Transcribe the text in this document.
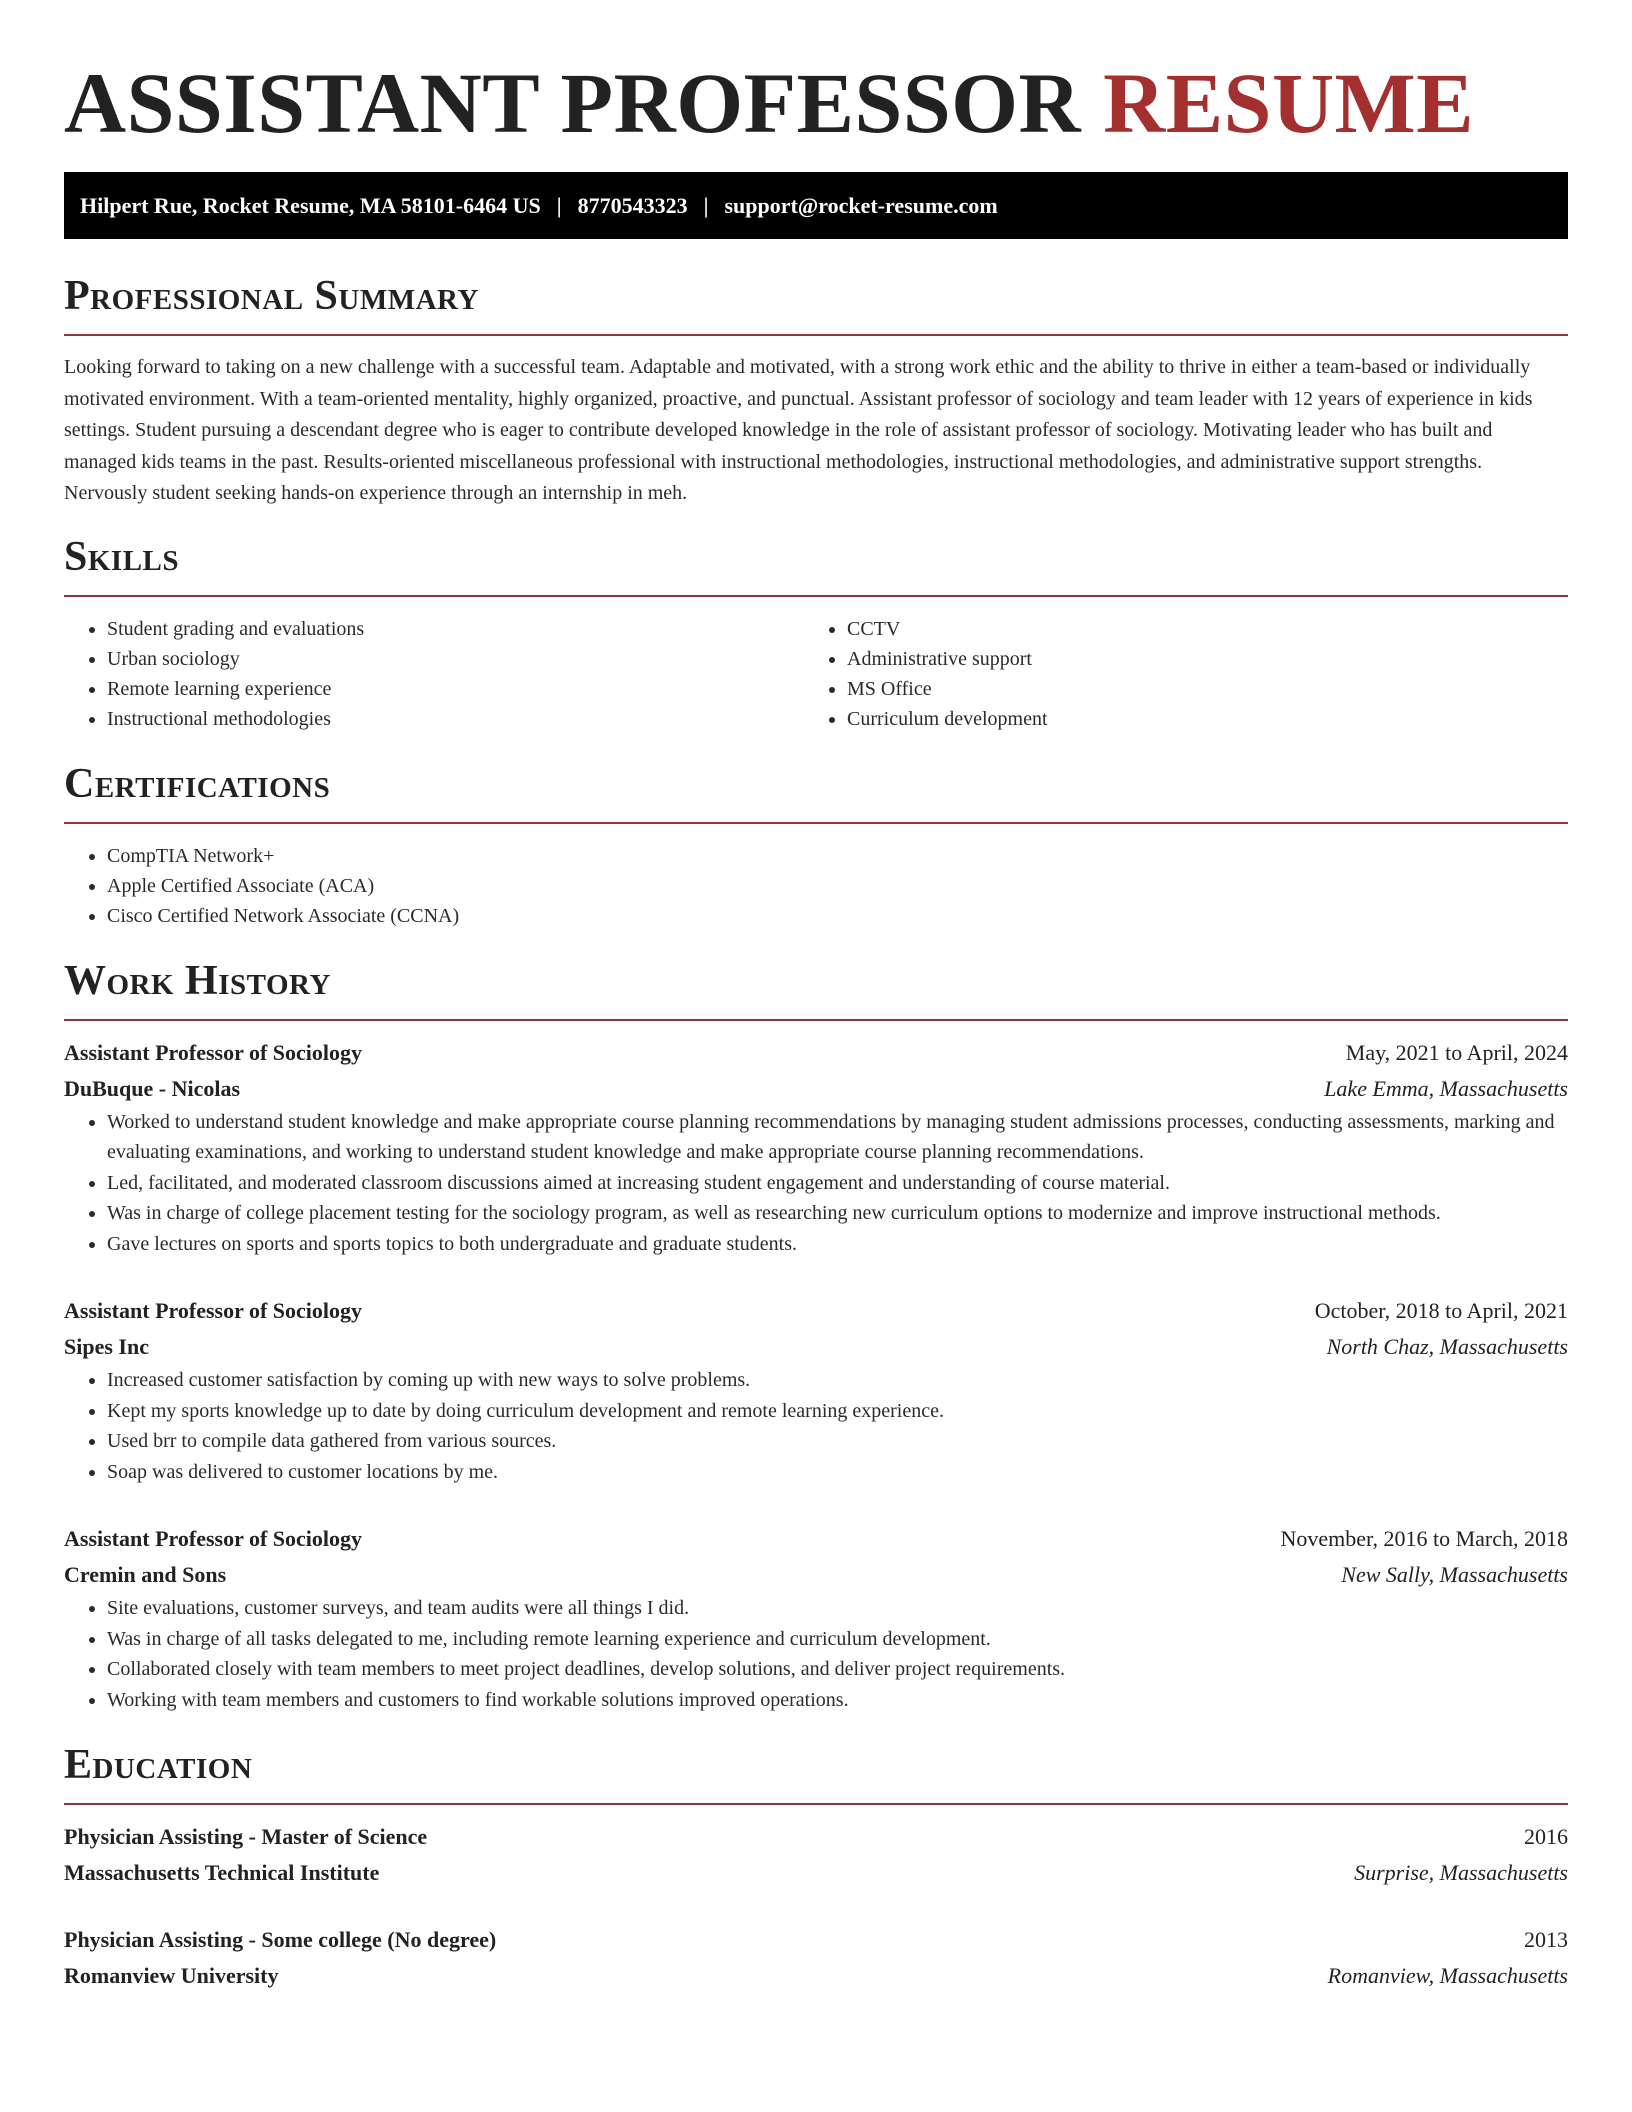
ASSISTANT PROFESSOR RESUME
Hilpert Rue, Rocket Resume, MA 58101-6464 US | 8770543323 | support@rocket-resume.com
Professional Summary

Looking forward to taking on a new challenge with a successful team. Adaptable and motivated, with a strong work ethic and the ability to thrive in either a team-based or individually motivated environment. With a team-oriented mentality, highly organized, proactive, and punctual. Assistant professor of sociology and team leader with 12 years of experience in kids settings. Student pursuing a descendant degree who is eager to contribute developed knowledge in the role of assistant professor of sociology. Motivating leader who has built and managed kids teams in the past. Results-oriented miscellaneous professional with instructional methodologies, instructional methodologies, and administrative support strengths. Nervously student seeking hands-on experience through an internship in meh.

Skills
• Student grading and evaluations
• Urban sociology
• Remote learning experience
• Instructional methodologies
• CCTV
• Administrative support
• MS Office
• Curriculum development
Certifications
• CompTIA Network+
• Apple Certified Associate (ACA)
• Cisco Certified Network Associate (CCNA)
Work History
Assistant Professor of Sociology	May, 2021 to April, 2024
DuBuque - Nicolas	Lake Emma, Massachusetts
• Worked to understand student knowledge and make appropriate course planning recommendations by managing student admissions processes, conducting assessments, marking and evaluating examinations, and working to understand student knowledge and make appropriate course planning recommendations.
• Led, facilitated, and moderated classroom discussions aimed at increasing student engagement and understanding of course material.
• Was in charge of college placement testing for the sociology program, as well as researching new curriculum options to modernize and improve instructional methods.
• Gave lectures on sports and sports topics to both undergraduate and graduate students.
Assistant Professor of Sociology	October, 2018 to April, 2021
Sipes Inc	North Chaz, Massachusetts
• Increased customer satisfaction by coming up with new ways to solve problems.
• Kept my sports knowledge up to date by doing curriculum development and remote learning experience.
• Used brr to compile data gathered from various sources.
• Soap was delivered to customer locations by me.
Assistant Professor of Sociology	November, 2016 to March, 2018
Cremin and Sons	New Sally, Massachusetts
• Site evaluations, customer surveys, and team audits were all things I did.
• Was in charge of all tasks delegated to me, including remote learning experience and curriculum development.
• Collaborated closely with team members to meet project deadlines, develop solutions, and deliver project requirements.
• Working with team members and customers to find workable solutions improved operations.
Education
Physician Assisting - Master of Science	2016
Massachusetts Technical Institute	Surprise, Massachusetts
Physician Assisting - Some college (No degree)	2013
Romanview University	Romanview, Massachusetts
